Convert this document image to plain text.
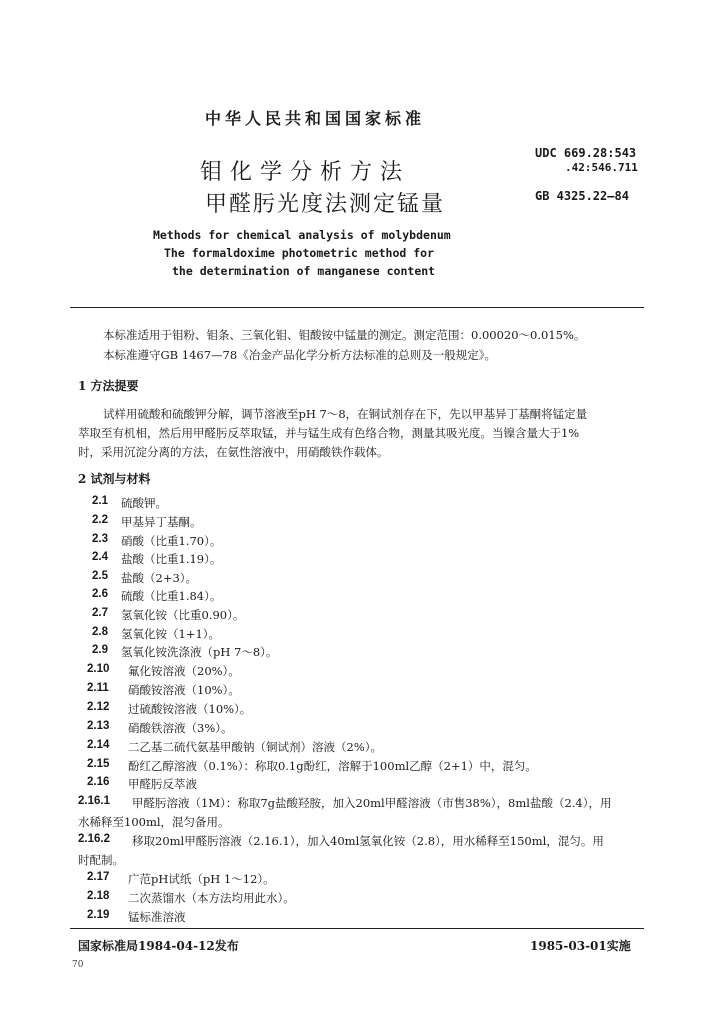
中华人民共和国国家标准
钼化学分析方法
甲醛肟光度法测定锰量
UDC 669.28:543
.42:546.711
GB 4325.22—84
Methods for chemical analysis of molybdenum
The formaldoxime photometric method for
the determination of manganese content
本标准适用于钼粉、钼条、三氧化钼、钼酸铵中锰量的测定。测定范围：0.00020～0.015%。
本标准遵守GB 1467—78《冶金产品化学分析方法标准的总则及一般规定》。
1 方法提要
试样用硫酸和硫酸钾分解，调节溶液至pH 7～8，在铜试剂存在下，先以甲基异丁基酮将锰定量
萃取至有机相，然后用甲醛肟反萃取锰，并与锰生成有色络合物，测量其吸光度。当镍含量大于1%
时，采用沉淀分离的方法，在氨性溶液中，用硝酸铁作载体。
2 试剂与材料
2.1 硫酸钾。
2.2 甲基异丁基酮。
2.3 硝酸（比重1.70）。
2.4 盐酸（比重1.19）。
2.5 盐酸（2+3）。
2.6 硫酸（比重1.84）。
2.7 氢氧化铵（比重0.90）。
2.8 氢氧化铵（1+1）。
2.9 氢氧化铵洗涤液（pH 7～8）。
2.10 氟化铵溶液（20%）。
2.11 硝酸铵溶液（10%）。
2.12 过硫酸铵溶液（10%）。
2.13 硝酸铁溶液（3%）。
2.14 二乙基二硫代氨基甲酸钠（铜试剂）溶液（2%）。
2.15 酚红乙醇溶液（0.1%）：称取0.1g酚红，溶解于100ml乙醇（2+1）中，混匀。
2.16 甲醛肟反萃液
2.16.1 甲醛肟溶液（1M）：称取7g盐酸羟胺，加入20ml甲醛溶液（市售38%），8ml盐酸（2.4），用
水稀释至100ml，混匀备用。
2.16.2 移取20ml甲醛肟溶液（2.16.1），加入40ml氢氧化铵（2.8），用水稀释至150ml，混匀。用
时配制。
2.17 广范pH试纸（pH 1～12）。
2.18 二次蒸馏水（本方法均用此水）。
2.19 锰标准溶液
国家标准局1984-04-12发布	1985-03-01实施
70
